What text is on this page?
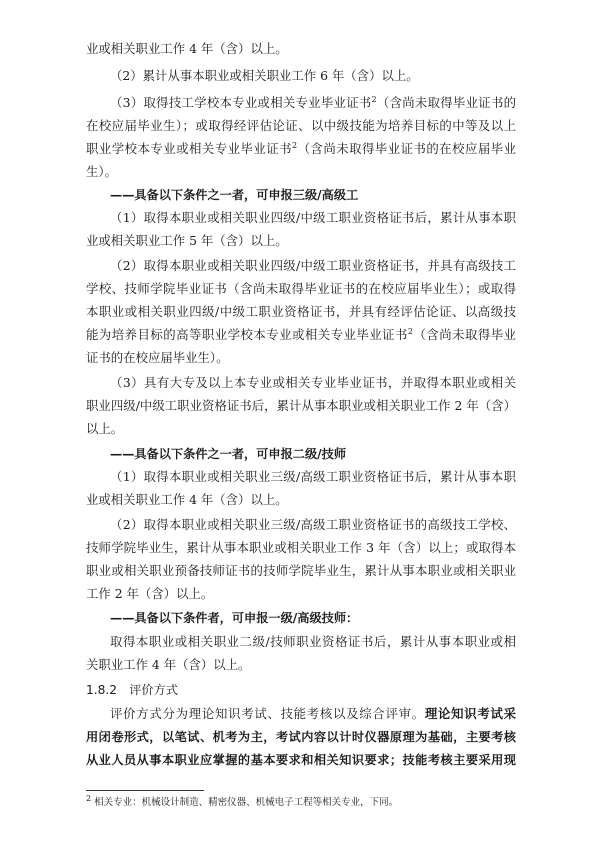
业或相关职业工作 4 年（含）以上。
（2）累计从事本职业或相关职业工作 6 年（含）以上。
（3）取得技工学校本专业或相关专业毕业证书$^2$（含尚未取得毕业证书的
在校应届毕业生）；或取得经评估论证、以中级技能为培养目标的中等及以上
职业学校本专业或相关专业毕业证书$^2$（含尚未取得毕业证书的在校应届毕业
生）。
——具备以下条件之一者，可申报三级/高级工
（1）取得本职业或相关职业四级/中级工职业资格证书后，累计从事本职
业或相关职业工作 5 年（含）以上。
（2）取得本职业或相关职业四级/中级工职业资格证书，并具有高级技工
学校、技师学院毕业证书（含尚未取得毕业证书的在校应届毕业生）；或取得
本职业或相关职业四级/中级工职业资格证书，并具有经评估论证、以高级技
能为培养目标的高等职业学校本专业或相关专业毕业证书$^2$（含尚未取得毕业
证书的在校应届毕业生）。
（3）具有大专及以上本专业或相关专业毕业证书，并取得本职业或相关
职业四级/中级工职业资格证书后，累计从事本职业或相关职业工作 2 年（含）
以上。
——具备以下条件之一者，可申报二级/技师
（1）取得本职业或相关职业三级/高级工职业资格证书后，累计从事本职
业或相关职业工作 4 年（含）以上。
（2）取得本职业或相关职业三级/高级工职业资格证书的高级技工学校、
技师学院毕业生，累计从事本职业或相关职业工作 3 年（含）以上；或取得本
职业或相关职业预备技师证书的技师学院毕业生，累计从事本职业或相关职业
工作 2 年（含）以上。
——具备以下条件者，可申报一级/高级技师：
取得本职业或相关职业二级/技师职业资格证书后，累计从事本职业或相
关职业工作 4 年（含）以上。
1.8.2　评价方式
评价方式分为理论知识考试、技能考核以及综合评审。理论知识考试采
用闭卷形式，以笔试、机考为主，考试内容以计时仪器原理为基础，主要考核
从业人员从事本职业应掌握的基本要求和相关知识要求；技能考核主要采用现
$^2$ 相关专业：机械设计制造、精密仪器、机械电子工程等相关专业，下同。
